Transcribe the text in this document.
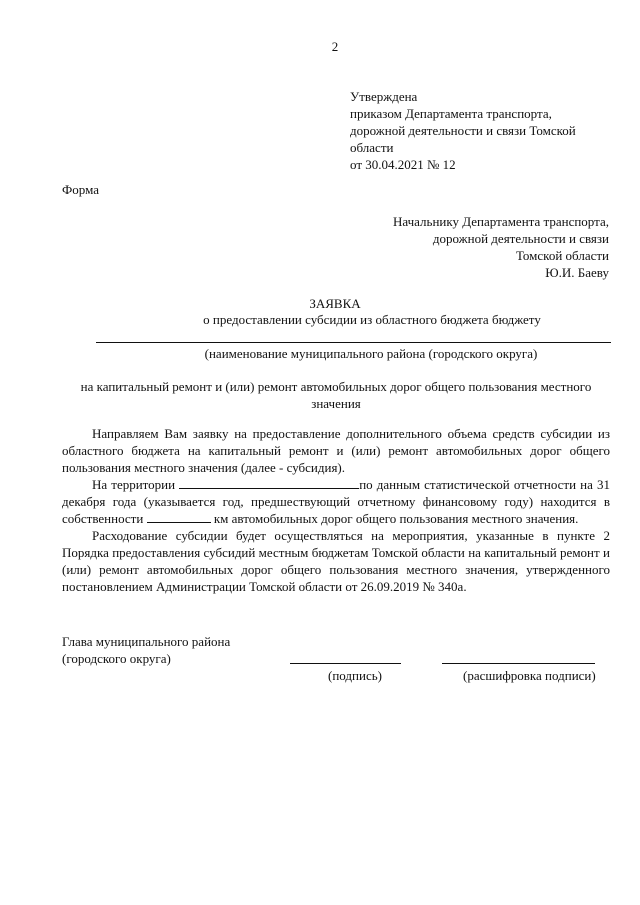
2
Утверждена
приказом Департамента транспорта,
дорожной деятельности и связи Томской
области
от 30.04.2021 № 12
Форма
Начальнику Департамента транспорта,
дорожной деятельности и связи
Томской области
Ю.И. Баеву
ЗАЯВКА
о предоставлении субсидии из областного бюджета бюджету
(наименование муниципального района (городского округа)
на капитальный ремонт и (или) ремонт автомобильных дорог общего пользования местного значения

Направляем Вам заявку на предоставление дополнительного объема средств субсидии из областного бюджета на капитальный ремонт и (или) ремонт автомобильных дорог общего пользования местного значения (далее - субсидия).

На территории	по данным статистической отчетности на 31 декабря года (указывается год, предшествующий отчетному финансовому году) находится в собственности	км автомобильных дорог общего пользования местного значения.

Расходование субсидии будет осуществляться на мероприятия, указанные в пункте 2 Порядка предоставления субсидий местным бюджетам Томской области на капитальный ремонт и (или) ремонт автомобильных дорог общего пользования местного значения, утвержденного постановлением Администрации Томской области от 26.09.2019 № 340а.

Глава муниципального района
(городского округа)
(подпись)	(расшифровка подписи)
